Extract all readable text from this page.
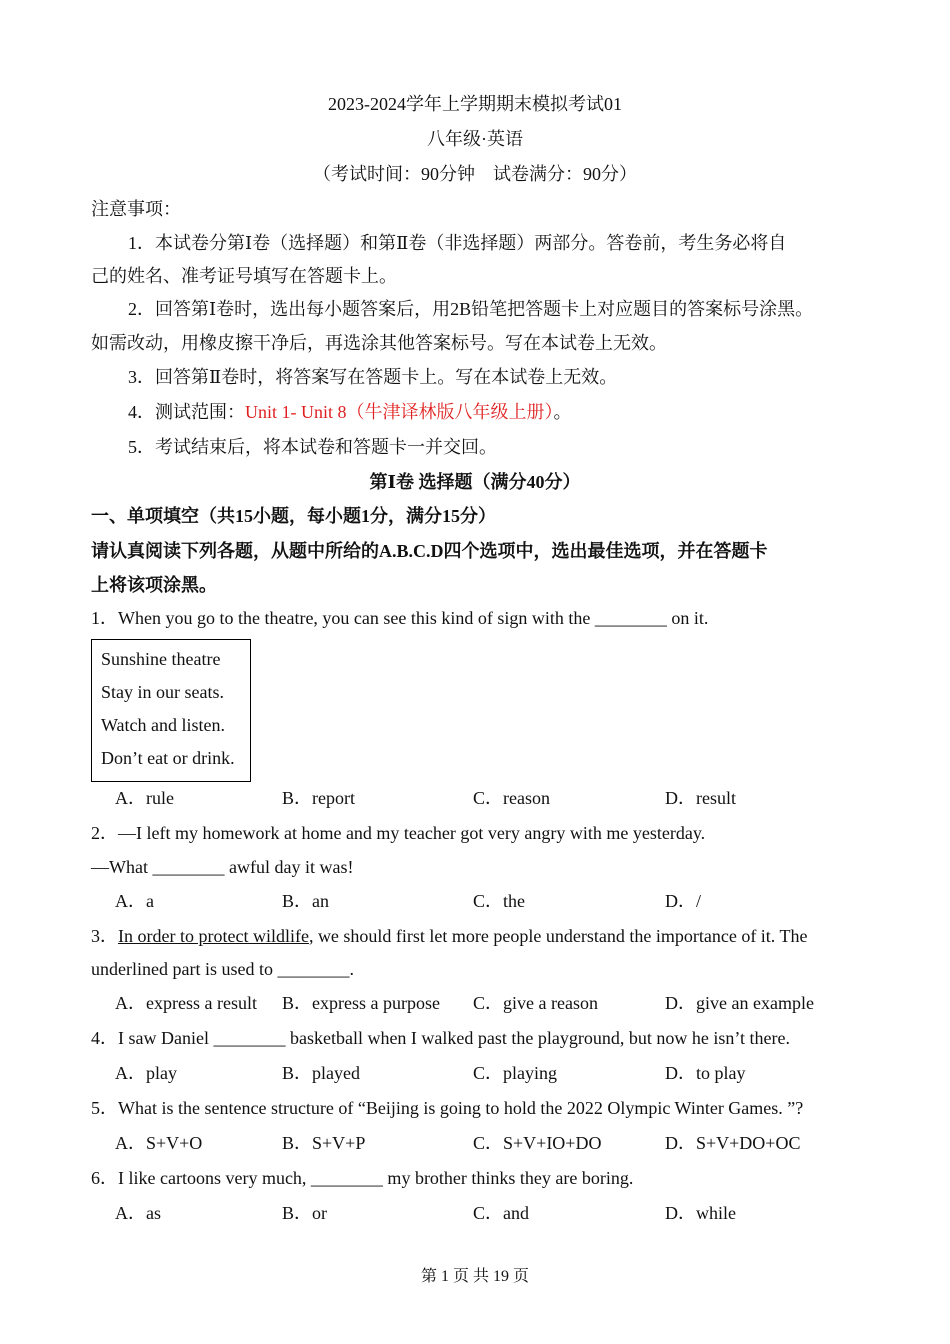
2023-2024学年上学期期末模拟考试01
八年级·英语
（考试时间：90分钟　试卷满分：90分）
注意事项：
1．本试卷分第Ⅰ卷（选择题）和第Ⅱ卷（非选择题）两部分。答卷前，考生务必将自
己的姓名、准考证号填写在答题卡上。
2．回答第Ⅰ卷时，选出每小题答案后，用2B铅笔把答题卡上对应题目的答案标号涂黑。
如需改动，用橡皮擦干净后，再选涂其他答案标号。写在本试卷上无效。
3．回答第Ⅱ卷时，将答案写在答题卡上。写在本试卷上无效。
4．测试范围：Unit 1- Unit 8（牛津译林版八年级上册）。
5．考试结束后，将本试卷和答题卡一并交回。
第Ⅰ卷 选择题（满分40分）
一、单项填空（共15小题，每小题1分，满分15分）
请认真阅读下列各题，从题中所给的A.B.C.D四个选项中，选出最佳选项，并在答题卡
上将该项涂黑。
1．When you go to the theatre, you can see this kind of sign with the ________ on it.
Sunshine theatre
Stay in our seats.
Watch and listen.
Don’t eat or drink.
A．rule	B．report	C．reason	D．result
2．—I left my homework at home and my teacher got very angry with me yesterday.
—What ________ awful day it was!
A．a	B．an	C．the	D．/
3．In order to protect wildlife, we should first let more people understand the importance of it. The
underlined part is used to ________.
A．express a result B．express a purpose C．give a reason	D．give an example
4．I saw Daniel ________ basketball when I walked past the playground, but now he isn’t there.
A．play	B．played	C．playing	D．to play
5．What is the sentence structure of “Beijing is going to hold the 2022 Olympic Winter Games. ”?
A．S+V+O	B．S+V+P	C．S+V+IO+DO	D．S+V+DO+OC
6．I like cartoons very much, ________ my brother thinks they are boring.
A．as	B．or	C．and	D．while
第 1 页 共 19 页
